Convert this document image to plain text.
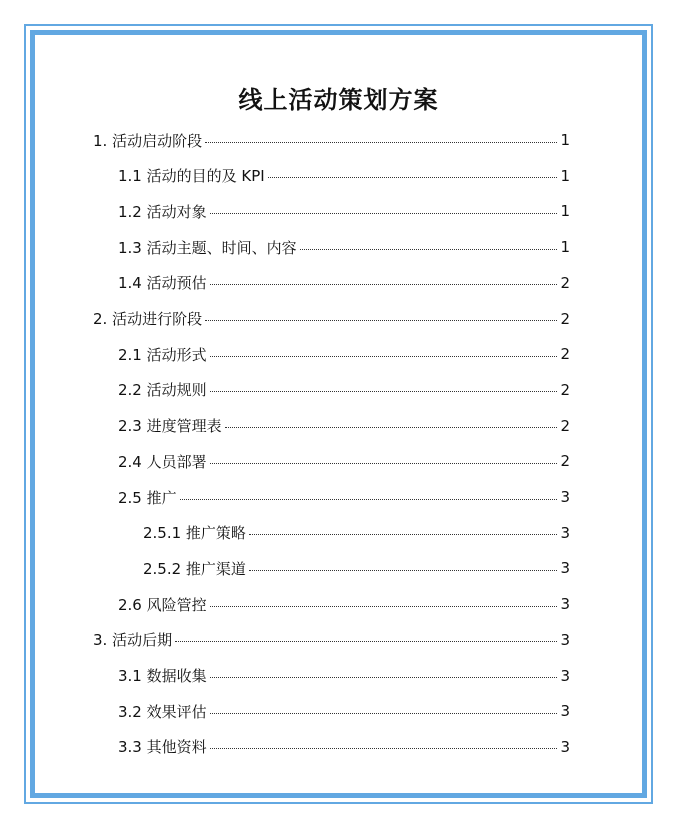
线上活动策划方案
1. 活动启动阶段	1
1.1 活动的目的及 KPI	1
1.2 活动对象	1
1.3 活动主题、时间、内容	1
1.4 活动预估	2
2. 活动进行阶段	2
2.1 活动形式	2
2.2 活动规则	2
2.3 进度管理表	2
2.4 人员部署	2
2.5 推广	3
2.5.1 推广策略	3
2.5.2 推广渠道	3
2.6 风险管控	3
3. 活动后期	3
3.1 数据收集	3
3.2 效果评估	3
3.3 其他资料	3
